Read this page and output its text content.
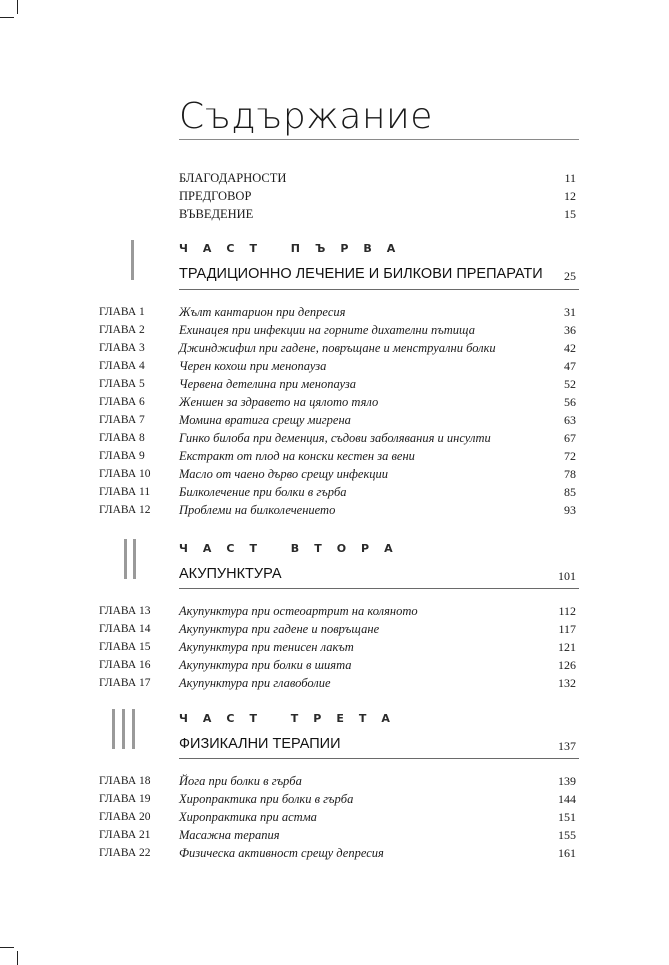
Съдържание
БЛАГОДАРНОСТИ	11
ПРЕДГОВОР	12
ВЪВЕДЕНИЕ	15
ЧАСТ ПЪРВА
ТРАДИЦИОННО ЛЕЧЕНИЕ И БИЛКОВИ ПРЕПАРАТИ	25
ГЛАВА 1	Жълт кантарион при депресия	31
ГЛАВА 2	Ехинацея при инфекции на горните дихателни пътища	36
ГЛАВА 3	Джинджифил при гадене, повръщане и менструални болки	42
ГЛАВА 4	Черен кохош при менопауза	47
ГЛАВА 5	Червена детелина при менопауза	52
ГЛАВА 6	Женшен за здравето на цялото тяло	56
ГЛАВА 7	Момина вратига срещу мигрена	63
ГЛАВА 8	Гинко билоба при деменция, съдови заболявания и инсулти	67
ГЛАВА 9	Екстракт от плод на конски кестен за вени	72
ГЛАВА 10 Масло от чаено дърво срещу инфекции	78
ГЛАВА 11 Билколечение при болки в гърба	85
ГЛАВА 12 Проблеми на билколечението	93
ЧАСТ ВТОРА
АКУПУНКТУРА	101
ГЛАВА 13 Акупунктура при остеоартрит на коляното	112
ГЛАВА 14 Акупунктура при гадене и повръщане	117
ГЛАВА 15 Акупунктура при тенисен лакът	121
ГЛАВА 16 Акупунктура при болки в шията	126
ГЛАВА 17 Акупунктура при главоболие	132
ЧАСТ ТРЕТА
ФИЗИКАЛНИ ТЕРАПИИ	137
ГЛАВА 18 Йога при болки в гърба	139
ГЛАВА 19 Хиропрактика при болки в гърба	144
ГЛАВА 20 Хиропрактика при астма	151
ГЛАВА 21 Масажна терапия	155
ГЛАВА 22 Физическа активност срещу депресия	161
